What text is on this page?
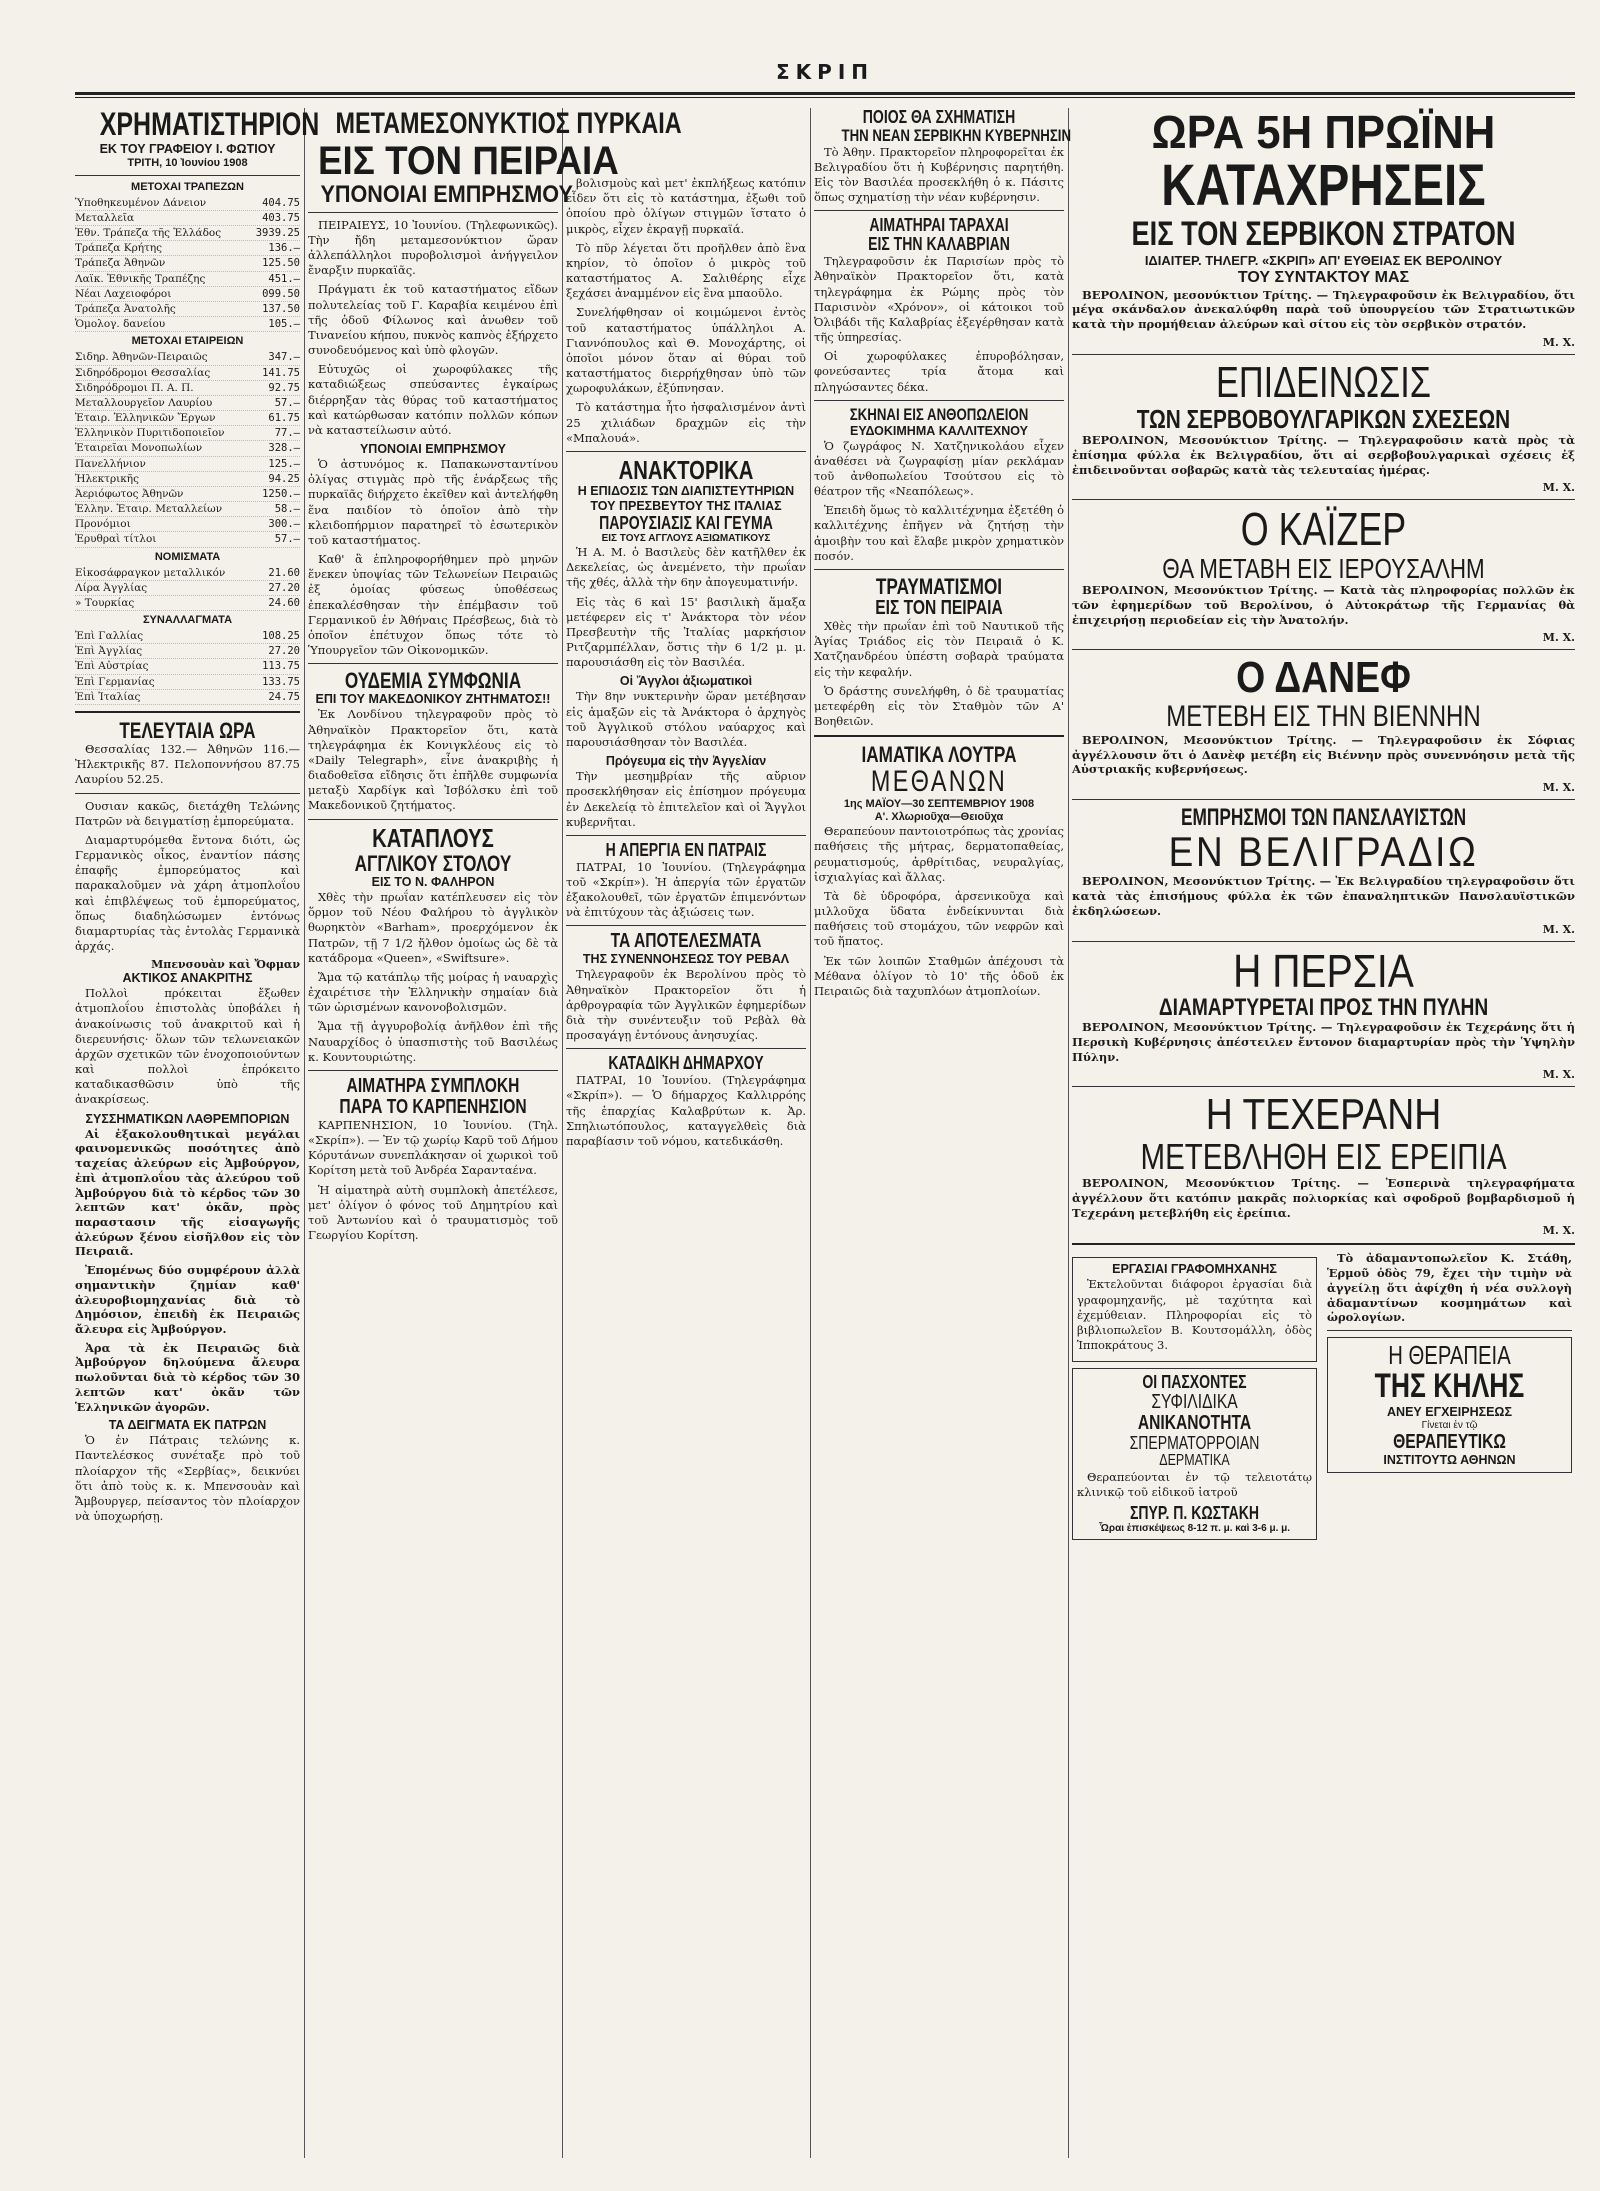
ΣΚΡΙΠ
ΧΡΗΜΑΤΙΣΤΗΡΙΟΝ
ΕΚ ΤΟΥ ΓΡΑΦΕΙΟΥ Ι. ΦΩΤΙΟΥ
ΤΡΙΤΗ, 10 Ἰουνίου 1908
ΜΕΤΟΧΑΙ ΤΡΑΠΕΖΩΝ
Ὑποθηκευμένον Δάνειον	404.75
Μεταλλεῖα	403.75
Ἐθν. Τράπεζα τῆς Ἑλλάδος	3939.25
Τράπεζα Κρήτης	136.—
Τράπεζα Ἀθηνῶν	125.50
Λαϊκ. Ἐθνικῆς Τραπέζης	451.—
Νέαι Λαχειοφόροι	099.50
Τράπεζα Ἀνατολῆς	137.50
Ὁμολογ. δανείου	105.—
ΜΕΤΟΧΑΙ ΕΤΑΙΡΕΙΩΝ
Σιδηρ. Ἀθηνῶν-Πειραιῶς	347.—
Σιδηρόδρομοι Θεσσαλίας	141.75
Σιδηρόδρομοι Π. Α. Π.	92.75
Μεταλλουργεῖον Λαυρίου	57.—
Ἑταιρ. Ἑλληνικῶν Ἔργων	61.75
Ἑλληνικὸν Πυριτιδοποιεῖον	77.—
Ἑταιρεῖαι Μονοπωλίων	328.—
Πανελλήνιον	125.—
Ἠλεκτρικῆς	94.25
Ἀεριόφωτος Ἀθηνῶν	1250.—
Ἑλλην. Ἑταιρ. Μεταλλείων	58.—
Προνόμιοι	300.—
Ἐρυθραὶ τίτλοι	57.—
ΝΟΜΙΣΜΑΤΑ
Εἰκοσάφραγκον μεταλλικόν	21.60
Λίρα Ἀγγλίας	27.20
» Τουρκίας	24.60
ΣΥΝΑΛΛΑΓΜΑΤΑ
Ἐπὶ Γαλλίας	108.25
Ἐπὶ Ἀγγλίας	27.20
Ἐπὶ Αὐστρίας	113.75
Ἐπὶ Γερμανίας	133.75
Ἐπὶ Ἰταλίας	24.75
ΤΕΛΕΥΤΑΙΑ ΩΡΑ

Θεσσαλίας 132.— Ἀθηνῶν 116.— Ἠλεκτρικῆς 87. Πελοποννήσου 87.75 Λαυρίου 52.25.

Ουσιαν κακῶς, διετάχθη Τελώνης Πατρῶν νὰ δειγματίσῃ ἐμπορεύματα.

Διαμαρτυρόμεθα ἔντονα διότι, ὡς Γερμανικὸς οἶκος, ἐναντίον πάσης ἐπαφῆς ἐμπορεύματος καὶ παρακαλοῦμεν νὰ χάρη ἀτμοπλοΐου καὶ ἐπιβλέψεως τοῦ ἐμπορεύματος, ὅπως διαδηλώσωμεν ἐντόνως διαμαρτυρίας τὰς ἐντολὰς Γερμανικὰ ἀρχάς.

Μπενσουὰν καὶ Ὄφμαν
ΑΚΤΙΚΟΣ ΑΝΑΚΡΙΤΗΣ

Πολλοὶ πρόκειται ἔξωθεν ἀτμοπλοΐου ἐπιστολὰς ὑποβάλει ἡ ἀνακοίνωσις τοῦ ἀνακριτοῦ καὶ ἡ διερευνήσις· ὅλων τῶν τελωνειακῶν ἀρχῶν σχετικῶν τῶν ἐνοχοποιούντων καὶ πολλοὶ ἐπρόκειτο καταδικασθῶσιν ὑπὸ τῆς ἀνακρίσεως.

ΣΥΣΣΗΜΑΤΙΚΩΝ ΛΑΘΡΕΜΠΟΡΙΩΝ

Αἱ ἐξακολουθητικαὶ μεγάλαι φαινομενικῶς ποσότητες ἀπὸ ταχείας ἀλεύρων εἰς Ἀμβούργον, ἐπὶ ἀτμοπλοΐου τὰς ἀλεύρου τοῦ Ἀμβούργου διὰ τὸ κέρδος τῶν 30 λεπτῶν κατ' ὀκᾶν, πρὸς παραστασιν τῆς εἰσαγωγῆς ἀλεύρων ξένου εἰσῆλθον εἰς τὸν Πειραιᾶ.

Ἐπομένως δύο συμφέρουν ἀλλὰ σημαντικὴν ζημίαν καθ' ἀλευροβιομηχανίας διὰ τὸ Δημόσιον, ἐπειδὴ ἐκ Πειραιῶς ἄλευρα εἰς Ἀμβούργον.

Ἀρα τὰ ἐκ Πειραιῶς διὰ Ἀμβούργον δηλούμενα ἄλευρα πωλοῦνται διὰ τὸ κέρδος τῶν 30 λεπτῶν κατ' ὀκᾶν τῶν Ἑλληνικῶν ἀγορῶν.

ΤΑ ΔΕΙΓΜΑΤΑ ΕΚ ΠΑΤΡΩΝ

Ὁ ἐν Πάτραις τελώνης κ. Παντελέσκος συνέταξε πρὸ τοῦ πλοίαρχον τῆς «Σερβίας», δεικνύει ὅτι ἀπὸ τοὺς κ. κ. Μπενσουὰν καὶ Ἄμβουργερ, πείσαντος τὸν πλοίαρχον νὰ ὑποχωρήσῃ.

ΜΕΤΑΜΕΣΟΝΥΚΤΙΟΣ ΠΥΡΚΑΙΑ
ΕΙΣ ΤΟΝ ΠΕΙΡΑΙΑ
ΥΠΟΝΟΙΑΙ ΕΜΠΡΗΣΜΟΥ

ΠΕΙΡΑΙΕΥΣ, 10 Ἰουνίου. (Τηλεφωνικῶς). Τὴν ἤδη μεταμεσονύκτιον ὥραν ἀλλεπάλληλοι πυροβολισμοὶ ἀνήγγειλον ἔναρξιν πυρκαϊᾶς.

Πράγματι ἐκ τοῦ καταστήματος εἴδων πολυτελείας τοῦ Γ. Καραβία κειμένου ἐπὶ τῆς ὁδοῦ Φίλωνος καὶ ἀνωθεν τοῦ Τινανείου κήπου, πυκνὸς καπνὸς ἐξήρχετο συνοδευόμενος καὶ ὑπὸ φλογῶν.

Εὐτυχῶς οἱ χωροφύλακες τῆς καταδιώξεως σπεύσαντες ἐγκαίρως διέρρηξαν τὰς θύρας τοῦ καταστήματος καὶ κατώρθωσαν κατόπιν πολλῶν κόπων νὰ καταστείλωσιν αὐτό.

ΥΠΟΝΟΙΑΙ ΕΜΠΡΗΣΜΟΥ

Ὁ ἀστυνόμος κ. Παπακωνσταντίνου ὀλίγας στιγμὰς πρὸ τῆς ἐνάρξεως τῆς πυρκαϊᾶς διήρχετο ἐκεῖθεν καὶ ἀντελήφθη ἕνα παιδίον τὸ ὁποῖον ἀπὸ τὴν κλειδοπήρμιον παρατηρεῖ τὸ ἐσωτερικὸν τοῦ καταστήματος.

Καθ' ἃ ἐπληροφορήθημεν πρὸ μηνῶν ἕνεκεν ὑποψίας τῶν Τελωνείων Πειραιῶς ἐξ ὁμοίας φύσεως ὑποθέσεως ἐπεκαλέσθησαν τὴν ἐπέμβασιν τοῦ Γερμανικοῦ ἐν Ἀθήναις Πρέσβεως, διὰ τὸ ὁποῖον ἐπέτυχον ὅπως τότε τὸ Ὑπουργεῖον τῶν Οἰκονομικῶν.

ΟΥΔΕΜΙΑ ΣΥΜΦΩΝΙΑ
ΕΠΙ ΤΟΥ ΜΑΚΕΔΟΝΙΚΟΥ ΖΗΤΗΜΑΤΟΣ!!

Ἐκ Λονδίνου τηλεγραφοῦν πρὸς τὸ Ἀθηναϊκὸν Πρακτορεῖον ὅτι, κατὰ τηλεγράφημα ἐκ Κονιγκλέους εἰς τὸ «Daily Telegraph», εἶνε ἀνακριβὴς ἡ διαδοθεῖσα εἴδησις ὅτι ἐπῆλθε συμφωνία μεταξὺ Χαρδίγκ καὶ Ἰσβόλσκυ ἐπὶ τοῦ Μακεδονικοῦ ζητήματος.

ΚΑΤΑΠΛΟΥΣ
ΑΓΓΛΙΚΟΥ ΣΤΟΛΟΥ
ΕΙΣ ΤΟ Ν. ΦΑΛΗΡΟΝ

Χθὲς τὴν πρωΐαν κατέπλευσεν εἰς τὸν ὅρμον τοῦ Νέου Φαλήρου τὸ ἀγγλικὸν θωρηκτὸν «Barham», προερχόμενον ἐκ Πατρῶν, τῇ 7 1/2 ἤλθον ὁμοίως ὡς δὲ τὰ κατάδρομα «Queen», «Swiftsure».

Ἅμα τῷ κατάπλῳ τῆς μοίρας ἡ ναυαρχὶς ἐχαιρέτισε τὴν Ἑλληνικὴν σημαίαν διὰ τῶν ὡρισμένων κανονοβολισμῶν.

Ἅμα τῇ ἀγγυροβολίᾳ ἀνῆλθον ἐπὶ τῆς Ναυαρχίδος ὁ ὑπασπιστὴς τοῦ Βασιλέως κ. Κουντουριώτης.

ΑΙΜΑΤΗΡΑ ΣΥΜΠΛΟΚΗ
ΠΑΡΑ ΤΟ ΚΑΡΠΕΝΗΣΙΟΝ

ΚΑΡΠΕΝΗΣΙΟΝ, 10 Ἰουνίου. (Τηλ. «Σκρίπ»). — Ἐν τῷ χωρίῳ Καρῦ τοῦ Δήμου Κόρυτάνων συνεπλάκησαν οἱ χωρικοὶ τοῦ Κορίτση μετὰ τοῦ Ἀνδρέα Σαρανταένα.

Ἡ αἱματηρὰ αὐτὴ συμπλοκὴ ἀπετέλεσε, μετ' ὀλίγον ὁ φόνος τοῦ Δημητρίου καὶ τοῦ Ἀντωνίου καὶ ὁ τραυματισμὸς τοῦ Γεωργίου Κορίτση.

βολισμοὺς καὶ μετ' ἐκπλήξεως κατόπιν εἶδεν ὅτι εἰς τὸ κατάστημα, ἐξωθι τοῦ ὁποίου πρὸ ὀλίγων στιγμῶν ἵστατο ὁ μικρὸς, εἶχεν ἐκραγῇ πυρκαϊά.

Τὸ πῦρ λέγεται ὅτι προῆλθεν ἀπὸ ἓνα κηρίον, τὸ ὁποῖον ὁ μικρὸς τοῦ καταστήματος Α. Σαλιθέρης εἶχε ξεχάσει ἀναμμένον εἰς ἓνα μπαοῦλο.

Συνελήφθησαν οἱ κοιμώμενοι ἐντὸς τοῦ καταστήματος ὑπάλληλοι Α. Γιαννόπουλος καὶ Θ. Μονοχάρτης, οἱ ὁποῖοι μόνον ὅταν αἱ θύραι τοῦ καταστήματος διερρήχθησαν ὑπὸ τῶν χωροφυλάκων, ἐξύπνησαν.

Τὸ κατάστημα ἦτο ἠσφαλισμένον ἀντὶ 25 χιλιάδων δραχμῶν εἰς τὴν «Μπαλουά».

ΑΝΑΚΤΟΡΙΚΑ
Η ΕΠΙΔΟΣΙΣ ΤΩΝ ΔΙΑΠΙΣΤΕΥΤΗΡΙΩΝ
ΤΟΥ ΠΡΕΣΒΕΥΤΟΥ ΤΗΣ ΙΤΑΛΙΑΣ
ΠΑΡΟΥΣΙΑΣΙΣ ΚΑΙ ΓΕΥΜΑ
ΕΙΣ ΤΟΥΣ ΑΓΓΛΟΥΣ ΑΞΙΩΜΑΤΙΚΟΥΣ

Ἡ Α. Μ. ὁ Βασιλεὺς δὲν κατῆλθεν ἐκ Δεκελείας, ὡς ἀνεμένετο, τὴν πρωΐαν τῆς χθές, ἀλλὰ τὴν 6ην ἀπογευματινήν.

Εἰς τὰς 6 καὶ 15' βασιλικὴ ἅμαξα μετέφερεν εἰς τ' Ἀνάκτορα τὸν νέον Πρεσβευτὴν τῆς Ἰταλίας μαρκήσιον Ριτζαρμπέλλαν, ὅστις τὴν 6 1/2 μ. μ. παρουσιάσθη εἰς τὸν Βασιλέα.

Οἱ Ἄγγλοι ἀξιωματικοὶ

Τὴν 8ην νυκτερινὴν ὥραν μετέβησαν εἰς ἁμαξῶν εἰς τὰ Ἀνάκτορα ὁ ἀρχηγὸς τοῦ Ἀγγλικοῦ στόλου ναύαρχος καὶ παρουσιάσθησαν τὸν Βασιλέα.

Πρόγευμα εἰς τὴν Ἀγγελίαν

Τὴν μεσημβρίαν τῆς αὔριον προσεκλήθησαν εἰς ἐπίσημον πρόγευμα ἐν Δεκελείᾳ τὸ ἐπιτελεῖον καὶ οἱ Ἄγγλοι κυβερνῆται.

Η ΑΠΕΡΓΙΑ ΕΝ ΠΑΤΡΑΙΣ

ΠΑΤΡΑΙ, 10 Ἰουνίου. (Τηλεγράφημα τοῦ «Σκρίπ»). Ἡ ἀπεργία τῶν ἐργατῶν ἐξακολουθεῖ, τῶν ἐργατῶν ἐπιμενόντων νὰ ἐπιτύχουν τὰς ἀξιώσεις των.

ΤΑ ΑΠΟΤΕΛΕΣΜΑΤΑ
ΤΗΣ ΣΥΝΕΝΝΟΗΣΕΩΣ ΤΟΥ ΡΕΒΑΛ

Τηλεγραφοῦν ἐκ Βερολίνου πρὸς τὸ Ἀθηναϊκὸν Πρακτορεῖον ὅτι ἡ ἀρθρογραφία τῶν Ἀγγλικῶν ἐφημερίδων διὰ τὴν συνέντευξιν τοῦ Ρεβὰλ θὰ προσαγάγῃ ἐντόνους ἀνησυχίας.

ΚΑΤΑΔΙΚΗ ΔΗΜΑΡΧΟΥ

ΠΑΤΡΑΙ, 10 Ἰουνίου. (Τηλεγράφημα «Σκρίπ»). — Ὁ δήμαρχος Καλλιρρόης τῆς ἐπαρχίας Καλαβρύτων κ. Ἀρ. Σπηλιωτόπουλος, καταγγελθεὶς διὰ παραβίασιν τοῦ νόμου, κατεδικάσθη.

ΠΟΙΟΣ ΘΑ ΣΧΗΜΑΤΙΣΗ
ΤΗΝ ΝΕΑΝ ΣΕΡΒΙΚΗΝ ΚΥΒΕΡΝΗΣΙΝ

Τὸ Ἀθην. Πρακτορεῖον πληροφορεῖται ἐκ Βελιγραδίου ὅτι ἡ Κυβέρνησις παρητήθη. Εἰς τὸν Βασιλέα προσεκλήθη ὁ κ. Πάσιτς ὅπως σχηματίσῃ τὴν νέαν κυβέρνησιν.

ΑΙΜΑΤΗΡΑΙ ΤΑΡΑΧΑΙ
ΕΙΣ ΤΗΝ ΚΑΛΑΒΡΙΑΝ

Τηλεγραφοῦσιν ἐκ Παρισίων πρὸς τὸ Ἀθηναϊκὸν Πρακτορεῖον ὅτι, κατὰ τηλεγράφημα ἐκ Ρώμης πρὸς τὸν Παρισινὸν «Χρόνον», οἱ κάτοικοι τοῦ Ὀλιβάδι τῆς Καλαβρίας ἐξεγέρθησαν κατὰ τῆς ὑπηρεσίας.

Οἱ χωροφύλακες ἐπυροβόλησαν, φονεύσαντες τρία ἄτομα καὶ πληγώσαντες δέκα.

ΣΚΗΝΑΙ ΕΙΣ ΑΝΘΟΠΩΛΕΙΟΝ
ΕΥΔΟΚΙΜΗΜΑ ΚΑΛΛΙΤΕΧΝΟΥ

Ὁ ζωγράφος Ν. Χατζηνικολάου εἶχεν ἀναθέσει νὰ ζωγραφίσῃ μίαν ρεκλάμαν τοῦ ἀνθοπωλείου Τσούτσου εἰς τὸ θέατρον τῆς «Νεαπόλεως».

Ἐπειδὴ ὅμως τὸ καλλιτέχνημα ἐξετέθη ὁ καλλιτέχνης ἐπῆγεν νὰ ζητήσῃ τὴν ἀμοιβὴν του καὶ ἔλαβε μικρὸν χρηματικὸν ποσόν.

ΤΡΑΥΜΑΤΙΣΜΟΙ
ΕΙΣ ΤΟΝ ΠΕΙΡΑΙΑ

Χθὲς τὴν πρωΐαν ἐπὶ τοῦ Ναυτικοῦ τῆς Ἁγίας Τριάδος εἰς τὸν Πειραιᾶ ὁ Κ. Χατζηανδρέου ὑπέστη σοβαρὰ τραύματα εἰς τὴν κεφαλήν.

Ὁ δράστης συνελήφθη, ὁ δὲ τραυματίας μετεφέρθη εἰς τὸν Σταθμὸν τῶν Α' Βοηθειῶν.

ΙΑΜΑΤΙΚΑ ΛΟΥΤΡΑ
ΜΕΘΑΝΩΝ
1ης ΜΑΪΟΥ—30 ΣΕΠΤΕΜΒΡΙΟΥ 1908
Α'. Χλωριοῦχα—Θειοῦχα

Θεραπεύουν παντοιοτρόπως τὰς χρονίας παθήσεις τῆς μήτρας, δερματοπαθείας, ρευματισμούς, ἀρθρίτιδας, νευραλγίας, ἰσχιαλγίας καὶ ἄλλας.

Τὰ δὲ ὑδροφόρα, ἀρσενικοῦχα καὶ μιλλοῦχα ὕδατα ἐνδείκνυνται διὰ παθήσεις τοῦ στομάχου, τῶν νεφρῶν καὶ τοῦ ἥπατος.

Ἐκ τῶν λοιπῶν Σταθμῶν ἀπέχουσι τὰ Μέθανα ὀλίγον τὸ 10' τῆς ὁδοῦ ἐκ Πειραιῶς διὰ ταχυπλόων ἀτμοπλοίων.

ΩΡΑ 5Η ΠΡΩΪΝΗ
ΚΑΤΑΧΡΗΣΕΙΣ
ΕΙΣ ΤΟΝ ΣΕΡΒΙΚΟΝ ΣΤΡΑΤΟΝ
ΙΔΙΑΙΤΕΡ. ΤΗΛΕΓΡ. «ΣΚΡΙΠ» ΑΠ' ΕΥΘΕΙΑΣ ΕΚ ΒΕΡΟΛΙΝΟΥ
ΤΟΥ ΣΥΝΤΑΚΤΟΥ ΜΑΣ

ΒΕΡΟΛΙΝΟΝ, μεσονύκτιον Τρίτης. — Τηλεγραφοῦσιν ἐκ Βελιγραδίου, ὅτι μέγα σκάνδαλον ἀνεκαλύφθη παρὰ τοῦ ὑπουργείου τῶν Στρατιωτικῶν κατὰ τὴν προμήθειαν ἀλεύρων καὶ σίτου εἰς τὸν σερβικὸν στρατόν.

Μ. Χ.
ΕΠΙΔΕΙΝΩΣΙΣ
ΤΩΝ ΣΕΡΒΟΒΟΥΛΓΑΡΙΚΩΝ ΣΧΕΣΕΩΝ

ΒΕΡΟΛΙΝΟΝ, Μεσονύκτιον Τρίτης. — Τηλεγραφοῦσιν κατὰ πρὸς τὰ ἐπίσημα φύλλα ἐκ Βελιγραδίου, ὅτι αἱ σερβοβουλγαρικαὶ σχέσεις ἐξ ἐπιδεινοῦνται σοβαρῶς κατὰ τὰς τελευταίας ἡμέρας.

Μ. Χ.
Ο ΚΑΪΖΕΡ
ΘΑ ΜΕΤΑΒΗ ΕΙΣ ΙΕΡΟΥΣΑΛΗΜ

ΒΕΡΟΛΙΝΟΝ, Μεσονύκτιον Τρίτης. — Κατὰ τὰς πληροφορίας πολλῶν ἐκ τῶν ἐφημερίδων τοῦ Βερολίνου, ὁ Αὐτοκράτωρ τῆς Γερμανίας θὰ ἐπιχειρήσῃ περιοδείαν εἰς τὴν Ἀνατολήν.

Μ. Χ.
Ο ΔΑΝΕΦ
ΜΕΤΕΒΗ ΕΙΣ ΤΗΝ ΒΙΕΝΝΗΝ

ΒΕΡΟΛΙΝΟΝ, Μεσονύκτιον Τρίτης. — Τηλεγραφοῦσιν ἐκ Σόφιας ἀγγέλλουσιν ὅτι ὁ Δανὲφ μετέβη εἰς Βιέννην πρὸς συνεννόησιν μετὰ τῆς Αὐστριακῆς κυβερνήσεως.

Μ. Χ.
ΕΜΠΡΗΣΜΟΙ ΤΩΝ ΠΑΝΣΛΑΥΙΣΤΩΝ
ΕΝ ΒΕΛΙΓΡΑΔΙΩ

ΒΕΡΟΛΙΝΟΝ, Μεσονύκτιον Τρίτης. — Ἐκ Βελιγραδίου τηλεγραφοῦσιν ὅτι κατὰ τὰς ἐπισήμους φύλλα ἐκ τῶν ἐπαναληπτικῶν Πανσλαυϊστικῶν ἐκδηλώσεων.

Μ. Χ.
Η ΠΕΡΣΙΑ
ΔΙΑΜΑΡΤΥΡΕΤΑΙ ΠΡΟΣ ΤΗΝ ΠΥΛΗΝ

ΒΕΡΟΛΙΝΟΝ, Μεσονύκτιον Τρίτης. — Τηλεγραφοῦσιν ἐκ Τεχεράνης ὅτι ἡ Περσικὴ Κυβέρνησις ἀπέστειλεν ἔντονον διαμαρτυρίαν πρὸς τὴν Ὑψηλὴν Πύλην.

Μ. Χ.
Η ΤΕΧΕΡΑΝΗ
ΜΕΤΕΒΛΗΘΗ ΕΙΣ ΕΡΕΙΠΙΑ

ΒΕΡΟΛΙΝΟΝ, Μεσονύκτιον Τρίτης. — Ἐσπερινὰ τηλεγραφήματα ἀγγέλλουν ὅτι κατόπιν μακρᾶς πολιορκίας καὶ σφοδροῦ βομβαρδισμοῦ ἡ Τεχεράνη μετεβλήθη εἰς ἐρείπια.

Μ. Χ.
ΕΡΓΑΣΙΑΙ ΓΡΑΦΟΜΗΧΑΝΗΣ

Ἐκτελοῦνται διάφοροι ἐργασίαι διὰ γραφομηχανῆς, μὲ ταχύτητα καὶ ἐχεμύθειαν. Πληροφορίαι εἰς τὸ βιβλιοπωλεῖον Β. Κουτσομάλλη, ὁδὸς Ἱπποκράτους 3.

ΟΙ ΠΑΣΧΟΝΤΕΣ
ΣΥΦΙΛΙΔΙΚΑ
ΑΝΙΚΑΝΟΤΗΤΑ
ΣΠΕΡΜΑΤΟΡΡΟΙΑΝ
ΔΕΡΜΑΤΙΚΑ

Θεραπεύονται ἐν τῷ τελειοτάτῳ κλινικῷ τοῦ εἰδικοῦ ἰατροῦ

ΣΠΥΡ. Π. ΚΩΣΤΑΚΗ
Ὧραι ἐπισκέψεως 8-12 π. μ. καὶ 3-6 μ. μ.

Τὸ ἀδαμαντοπωλεῖον Κ. Στάθη, Ἑρμοῦ ὁδὸς 79, ἔχει τὴν τιμὴν νὰ ἀγγείλῃ ὅτι ἀφίχθη ἡ νέα συλλογὴ ἀδαμαντίνων κοσμημάτων καὶ ὡρολογίων.

Η ΘΕΡΑΠΕΙΑ
ΤΗΣ ΚΗΛΗΣ
ΑΝΕΥ ΕΓΧΕΙΡΗΣΕΩΣ
Γίνεται ἐν τῷ
ΘΕΡΑΠΕΥΤΙΚΩ
ΙΝΣΤΙΤΟΥΤΩ ΑΘΗΝΩΝ
